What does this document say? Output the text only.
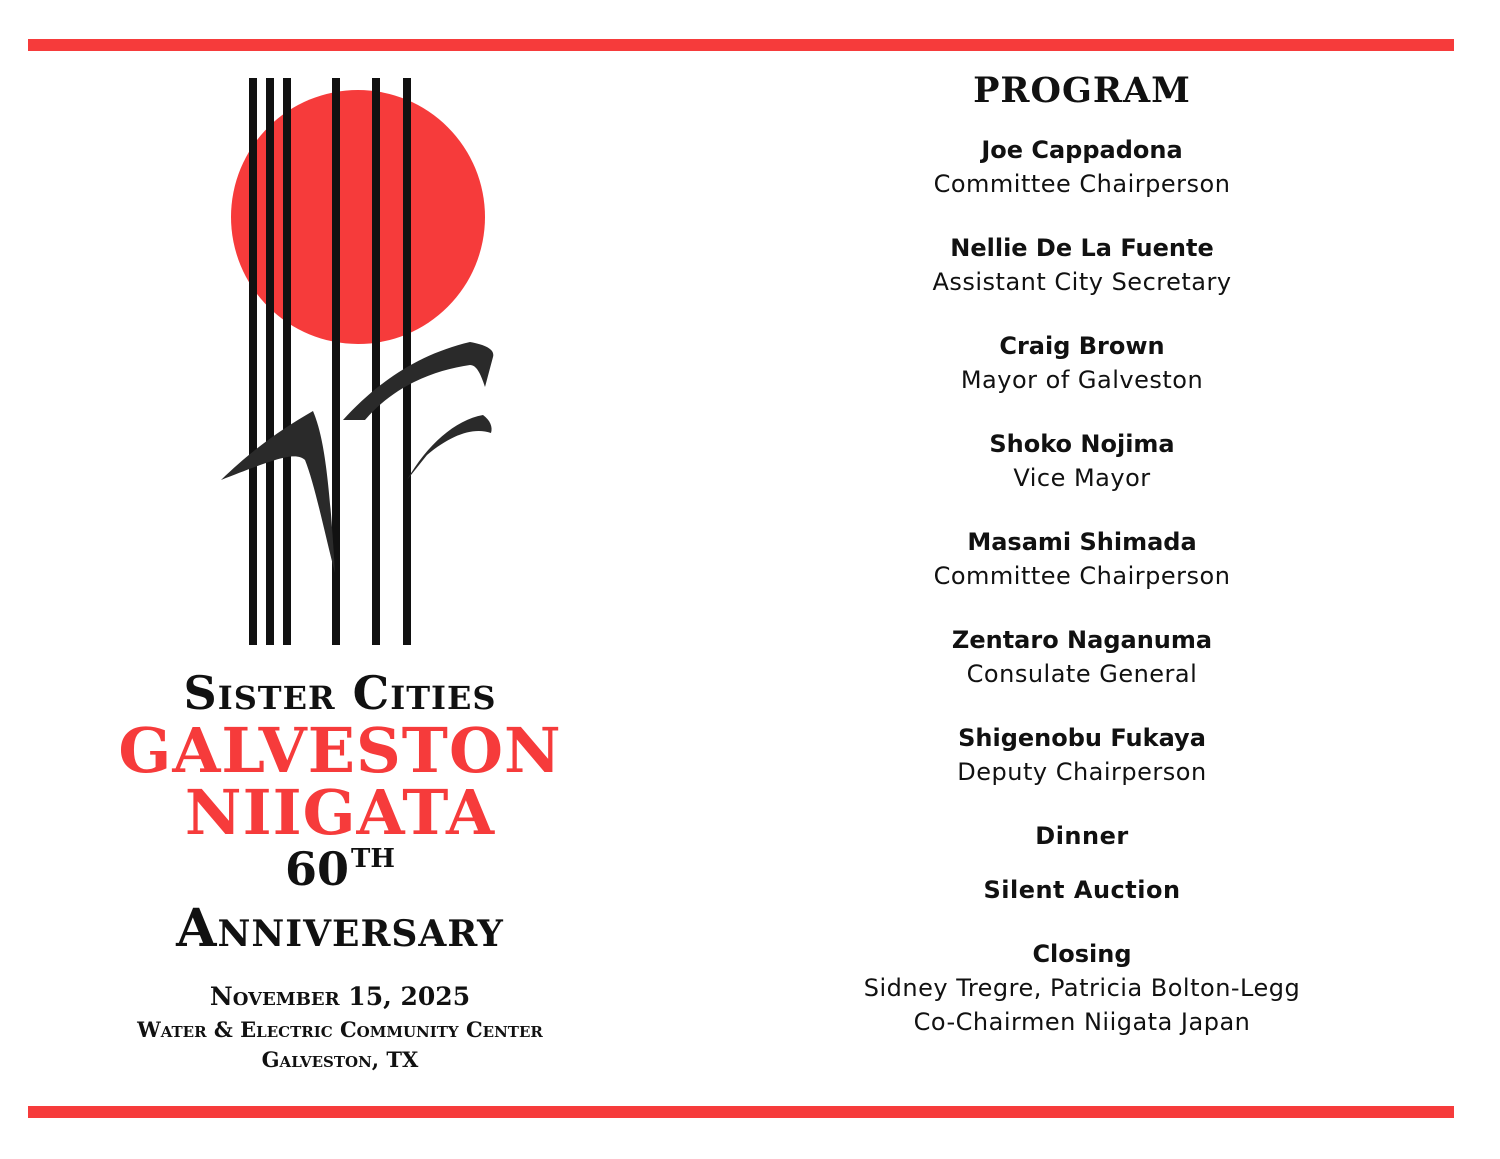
Sister Cities
GALVESTON
NIIGATA
60TH
Anniversary
November 15, 2025
Water & Electric Community Center
Galveston, TX
PROGRAM
Joe Cappadona
Committee Chairperson
Nellie De La Fuente
Assistant City Secretary
Craig Brown
Mayor of Galveston
Shoko Nojima
Vice Mayor
Masami Shimada
Committee Chairperson
Zentaro Naganuma
Consulate General
Shigenobu Fukaya
Deputy Chairperson
Dinner
Silent Auction
Closing
Sidney Tregre, Patricia Bolton-Legg
Co-Chairmen Niigata Japan
